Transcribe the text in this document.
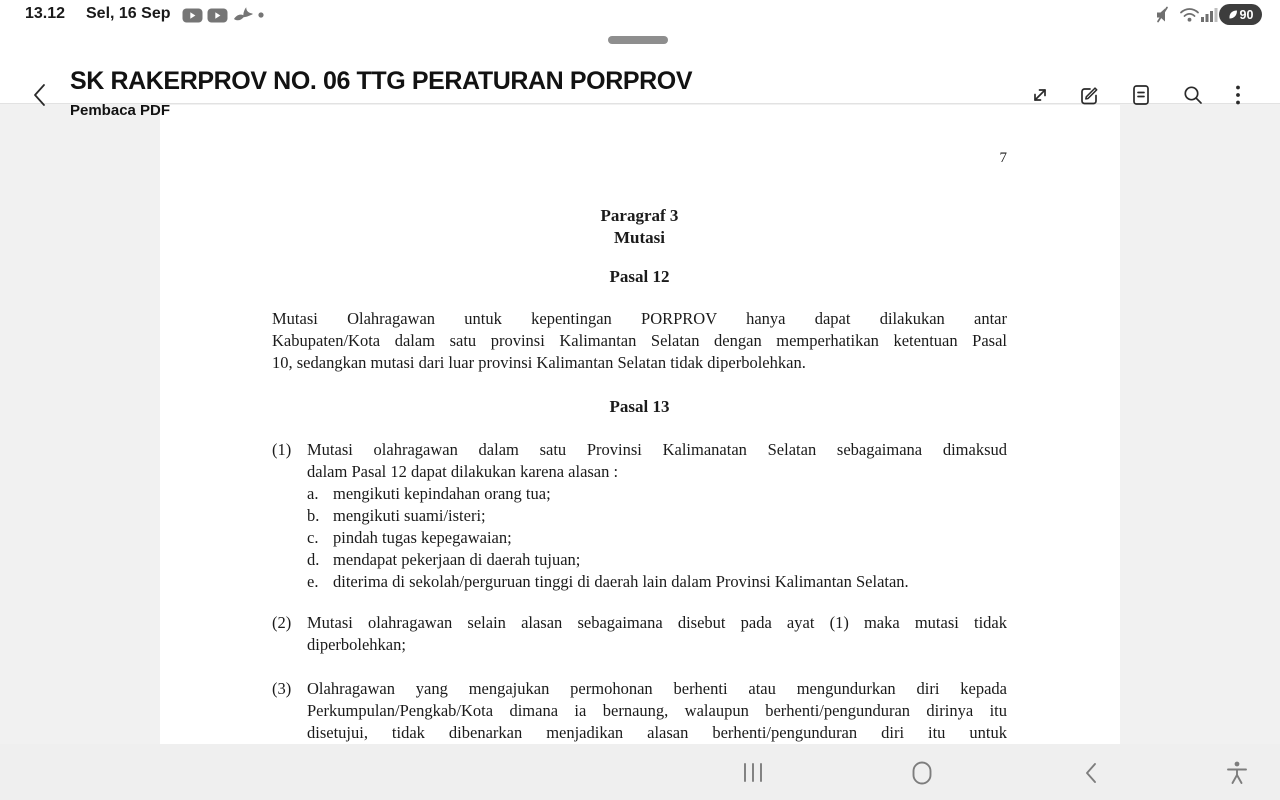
13.12 Sel, 16 Sep	90
SK RAKERPROV NO. 06 TTG PERATURAN PORPROV
Pembaca PDF
7
Paragraf 3
Mutasi
Pasal 12
Mutasi Olahragawan untuk kepentingan PORPROV hanya dapat dilakukan antar
Kabupaten/Kota dalam satu provinsi Kalimantan Selatan dengan memperhatikan ketentuan Pasal
10, sedangkan mutasi dari luar provinsi Kalimantan Selatan tidak diperbolehkan.
Pasal 13
(1) Mutasi olahragawan dalam satu Provinsi Kalimanatan Selatan sebagaimana dimaksud
dalam Pasal 12 dapat dilakukan karena alasan :
a. mengikuti kepindahan orang tua;
b. mengikuti suami/isteri;
c. pindah tugas kepegawaian;
d. mendapat pekerjaan di daerah tujuan;
e. diterima di sekolah/perguruan tinggi di daerah lain dalam Provinsi Kalimantan Selatan.
(2) Mutasi olahragawan selain alasan sebagaimana disebut pada ayat (1) maka mutasi tidak
diperbolehkan;
(3) Olahragawan yang mengajukan permohonan berhenti atau mengundurkan diri kepada
Perkumpulan/Pengkab/Kota dimana ia bernaung, walaupun berhenti/pengunduran dirinya itu
disetujui, tidak dibenarkan menjadikan alasan berhenti/pengunduran diri itu untuk
